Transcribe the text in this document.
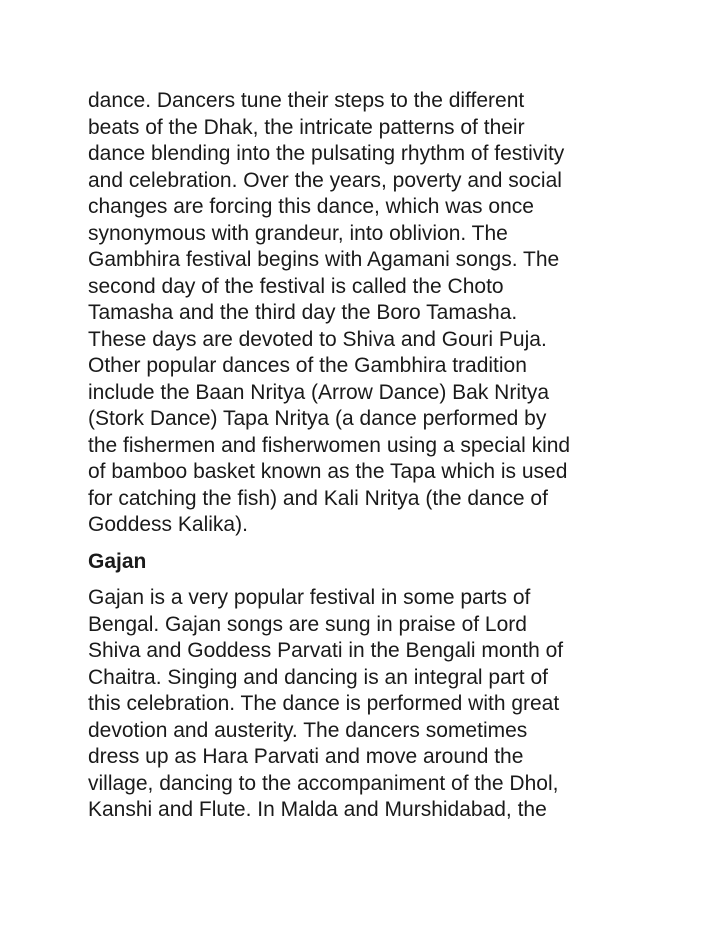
dance. Dancers tune their steps to the different
beats of the Dhak, the intricate patterns of their
dance blending into the pulsating rhythm of festivity
and celebration. Over the years, poverty and social
changes are forcing this dance, which was once
synonymous with grandeur, into oblivion. The
Gambhira festival begins with Agamani songs. The
second day of the festival is called the Choto
Tamasha and the third day the Boro Tamasha.
These days are devoted to Shiva and Gouri Puja.
Other popular dances of the Gambhira tradition
include the Baan Nritya (Arrow Dance) Bak Nritya
(Stork Dance) Tapa Nritya (a dance performed by
the fishermen and fisherwomen using a special kind
of bamboo basket known as the Tapa which is used
for catching the fish) and Kali Nritya (the dance of
Goddess Kalika).

Gajan

Gajan is a very popular festival in some parts of
Bengal. Gajan songs are sung in praise of Lord
Shiva and Goddess Parvati in the Bengali month of
Chaitra. Singing and dancing is an integral part of
this celebration. The dance is performed with great
devotion and austerity. The dancers sometimes
dress up as Hara Parvati and move around the
village, dancing to the accompaniment of the Dhol,
Kanshi and Flute. In Malda and Murshidabad, the
